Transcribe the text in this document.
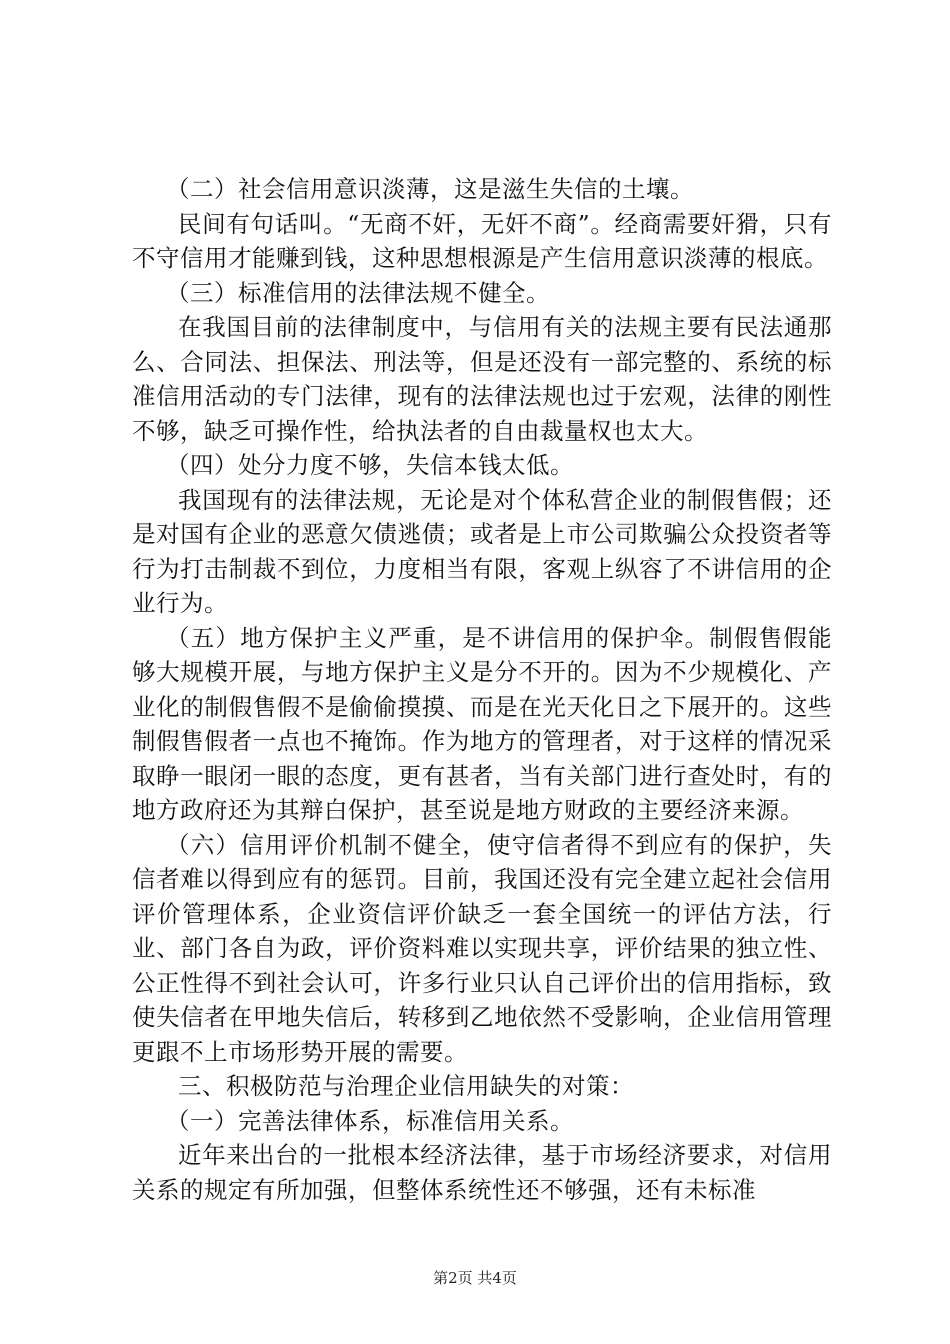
（二）社会信用意识淡薄，这是滋生失信的土壤。

民间有句话叫。“无商不奸，无奸不商”。经商需要奸猾，只有不守信用才能赚到钱，这种思想根源是产生信用意识淡薄的根底。

（三）标准信用的法律法规不健全。

在我国目前的法律制度中，与信用有关的法规主要有民法通那么、合同法、担保法、刑法等，但是还没有一部完整的、系统的标准信用活动的专门法律，现有的法律法规也过于宏观，法律的刚性不够，缺乏可操作性，给执法者的自由裁量权也太大。

（四）处分力度不够，失信本钱太低。

我国现有的法律法规，无论是对个体私营企业的制假售假；还是对国有企业的恶意欠债逃债；或者是上市公司欺骗公众投资者等行为打击制裁不到位，力度相当有限，客观上纵容了不讲信用的企业行为。

（五）地方保护主义严重，是不讲信用的保护伞。制假售假能够大规模开展，与地方保护主义是分不开的。因为不少规模化、产业化的制假售假不是偷偷摸摸、而是在光天化日之下展开的。这些制假售假者一点也不掩饰。作为地方的管理者，对于这样的情况采取睁一眼闭一眼的态度，更有甚者，当有关部门进行查处时，有的地方政府还为其辩白保护，甚至说是地方财政的主要经济来源。

（六）信用评价机制不健全，使守信者得不到应有的保护，失信者难以得到应有的惩罚。目前，我国还没有完全建立起社会信用评价管理体系，企业资信评价缺乏一套全国统一的评估方法，行业、部门各自为政，评价资料难以实现共享，评价结果的独立性、公正性得不到社会认可，许多行业只认自己评价出的信用指标，致使失信者在甲地失信后，转移到乙地依然不受影响，企业信用管理更跟不上市场形势开展的需要。

三、积极防范与治理企业信用缺失的对策：

（一）完善法律体系，标准信用关系。

近年来出台的一批根本经济法律，基于市场经济要求，对信用关系的规定有所加强，但整体系统性还不够强，还有未标准

第2页 共4页
